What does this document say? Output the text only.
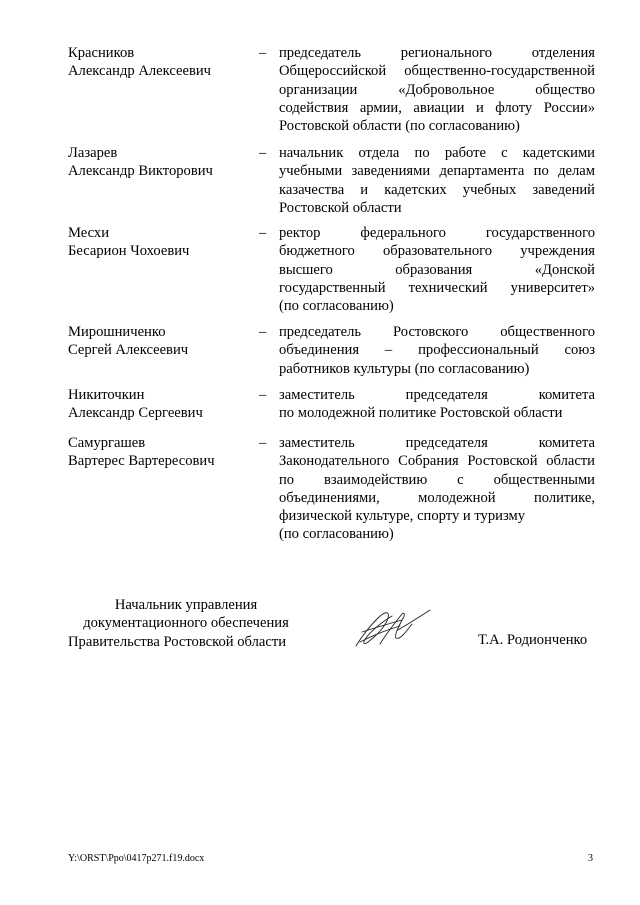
Красников
Александр Алексеевич
– председатель регионального отделения
Общероссийской общественно-государственной
организации «Добровольное общество
содействия армии, авиации и флоту России»
Ростовской области (по согласованию)
Лазарев
Александр Викторович
– начальник отдела по работе с кадетскими
учебными заведениями департамента по делам
казачества и кадетских учебных заведений
Ростовской области
Месхи
Бесарион Чохоевич
– ректор федерального государственного
бюджетного образовательного учреждения
высшего образования «Донской
государственный технический университет»
(по согласованию)
Мирошниченко
Сергей Алексеевич
– председатель Ростовского общественного
объединения – профессиональный союз
работников культуры (по согласованию)
Никиточкин
Александр Сергеевич
– заместитель председателя комитета
по молодежной политике Ростовской области
Самургашев
Вартерес Вартересович
– заместитель председателя комитета
Законодательного Собрания Ростовской области
по взаимодействию с общественными
объединениями, молодежной политике,
физической культуре, спорту и туризму
(по согласованию)
Начальник управления
документационного обеспечения
Правительства Ростовской области	Т.А. Родионченко
Y:\ORST\Ppo\0417p271.f19.docx	3
